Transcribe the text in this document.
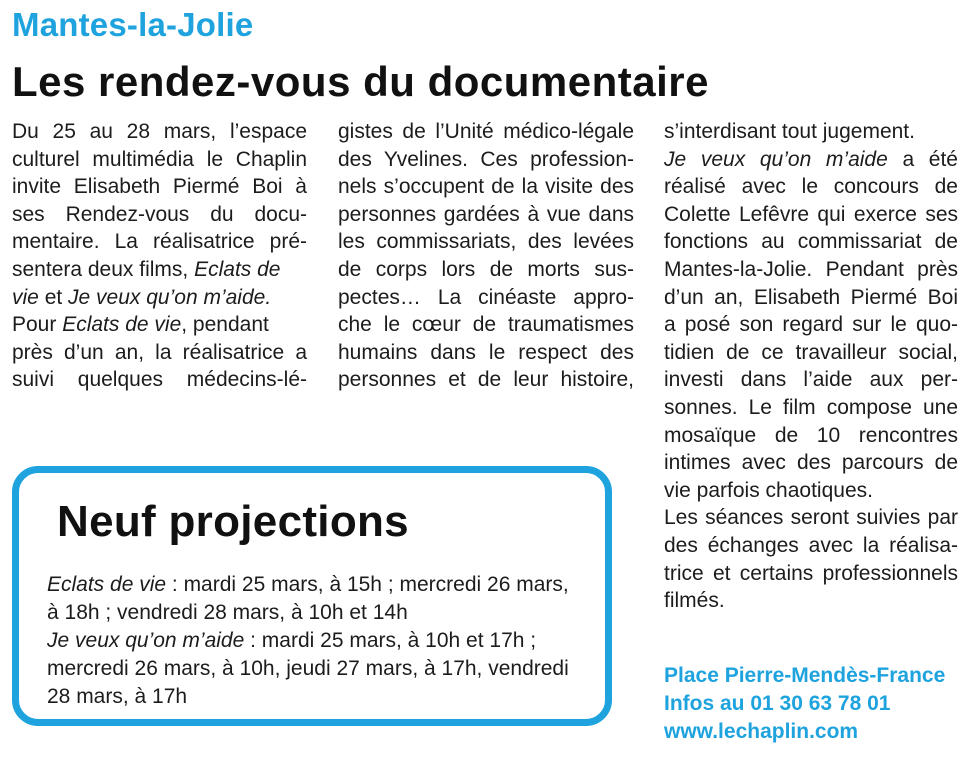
Mantes-la-Jolie
Les rendez-vous du documentaire
Du 25 au 28 mars, l’espace
culturel multimédia le Chaplin
invite Elisabeth Piermé Boi à
ses Rendez-vous du docu-
mentaire. La réalisatrice pré-
sentera deux films, Eclats de
vie et Je veux qu’on m’aide.
Pour Eclats de vie, pendant
près d’un an, la réalisatrice a
suivi quelques médecins-lé-
gistes de l’Unité médico-légale
des Yvelines. Ces profession-
nels s’occupent de la visite des
personnes gardées à vue dans
les commissariats, des levées
de corps lors de morts sus-
pectes… La cinéaste appro-
che le cœur de traumatismes
humains dans le respect des
personnes et de leur histoire,
s’interdisant tout jugement.
Je veux qu’on m’aide a été
réalisé avec le concours de
Colette Lefêvre qui exerce ses
fonctions au commissariat de
Mantes-la-Jolie. Pendant près
d’un an, Elisabeth Piermé Boi
a posé son regard sur le quo-
tidien de ce travailleur social,
investi dans l’aide aux per-
sonnes. Le film compose une
mosaïque de 10 rencontres
intimes avec des parcours de
vie parfois chaotiques.
Les séances seront suivies par
des échanges avec la réalisa-
trice et certains professionnels
filmés.
Place Pierre-Mendès-France
Infos au 01 30 63 78 01
www.lechaplin.com
Neuf projections
Eclats de vie : mardi 25 mars, à 15h ; mercredi 26 mars,
à 18h ; vendredi 28 mars, à 10h et 14h
Je veux qu’on m’aide : mardi 25 mars, à 10h et 17h ;
mercredi 26 mars, à 10h, jeudi 27 mars, à 17h, vendredi
28 mars, à 17h
